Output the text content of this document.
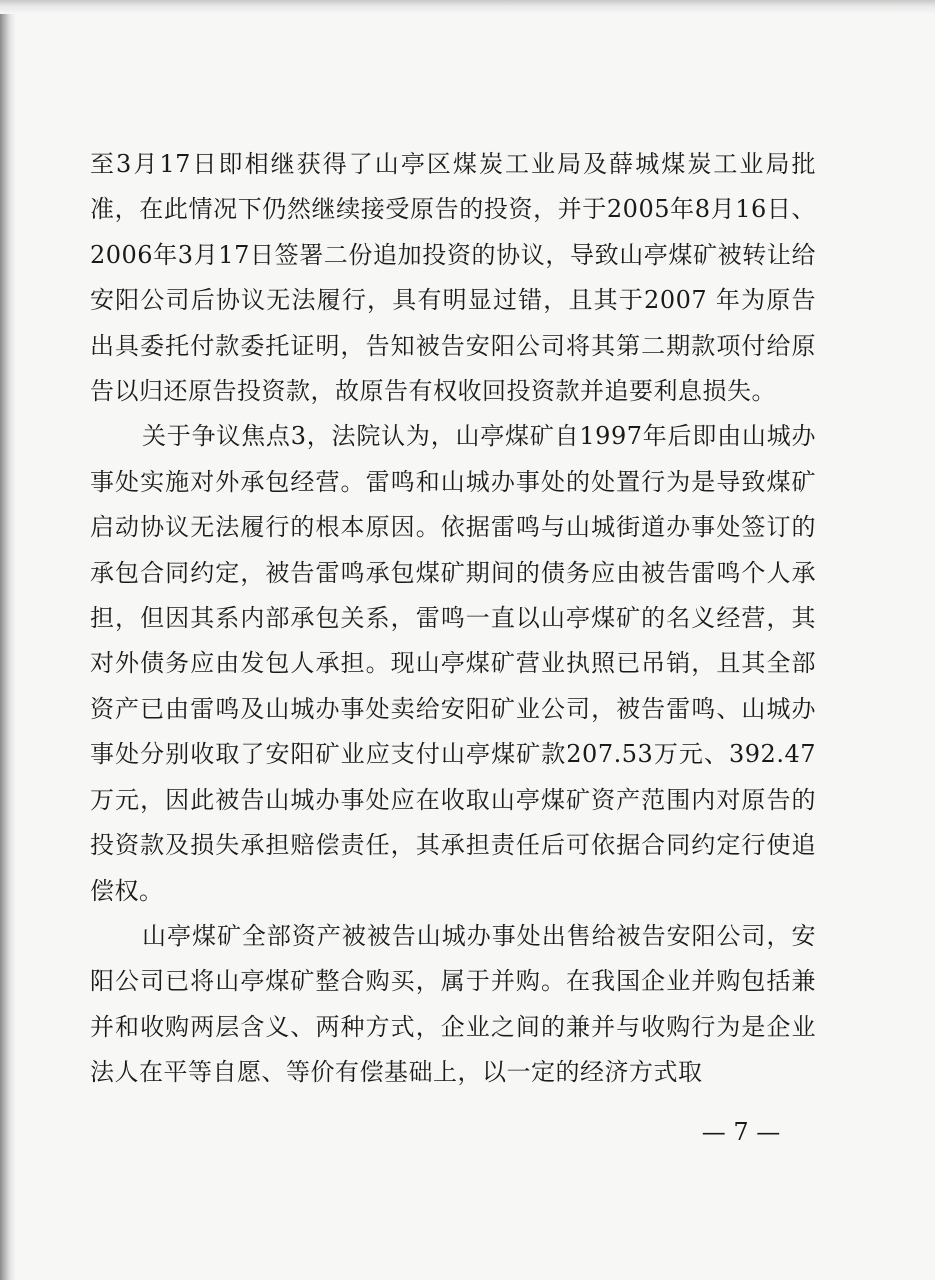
至3月17日即相继获得了山亭区煤炭工业局及薛城煤炭工业局批准，在此情况下仍然继续接受原告的投资，并于2005年8月16日、2006年3月17日签署二份追加投资的协议，导致山亭煤矿被转让给安阳公司后协议无法履行，具有明显过错，且其于2007 年为原告出具委托付款委托证明，告知被告安阳公司将其第二期款项付给原告以归还原告投资款，故原告有权收回投资款并追要利息损失。

关于争议焦点3，法院认为，山亭煤矿自1997年后即由山城办事处实施对外承包经营。雷鸣和山城办事处的处置行为是导致煤矿启动协议无法履行的根本原因。依据雷鸣与山城街道办事处签订的承包合同约定，被告雷鸣承包煤矿期间的债务应由被告雷鸣个人承担，但因其系内部承包关系，雷鸣一直以山亭煤矿的名义经营，其对外债务应由发包人承担。现山亭煤矿营业执照已吊销，且其全部资产已由雷鸣及山城办事处卖给安阳矿业公司，被告雷鸣、山城办事处分别收取了安阳矿业应支付山亭煤矿款207.53万元、392.47万元，因此被告山城办事处应在收取山亭煤矿资产范围内对原告的投资款及损失承担赔偿责任，其承担责任后可依据合同约定行使追偿权。

山亭煤矿全部资产被被告山城办事处出售给被告安阳公司，安阳公司已将山亭煤矿整合购买，属于并购。在我国企业并购包括兼并和收购两层含义、两种方式，企业之间的兼并与收购行为是企业法人在平等自愿、等价有偿基础上，以一定的经济方式取

— 7 —
